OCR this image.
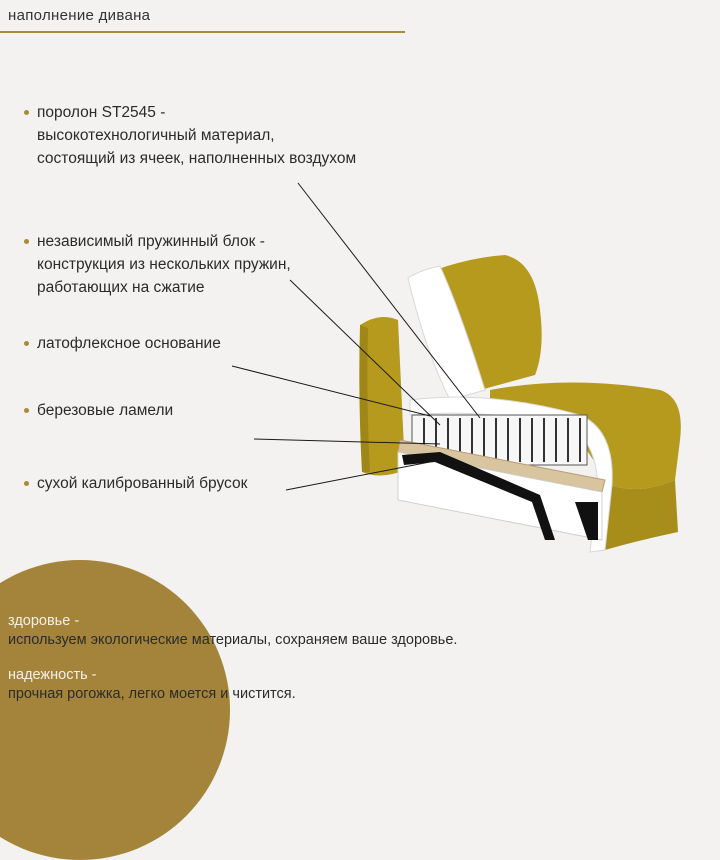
наполнение дивана
поролон ST2545 -
высокотехнологичный материал,
состоящий из ячеек, наполненных воздухом
независимый пружинный блок -
конструкция из нескольких пружин,
работающих на сжатие
латофлексное основание
березовые ламели
сухой калиброванный брусок
здоровье -
используем экологические материалы, сохраняем ваше здоровье.
надежность -
прочная рогожка, легко моется и чистится.
